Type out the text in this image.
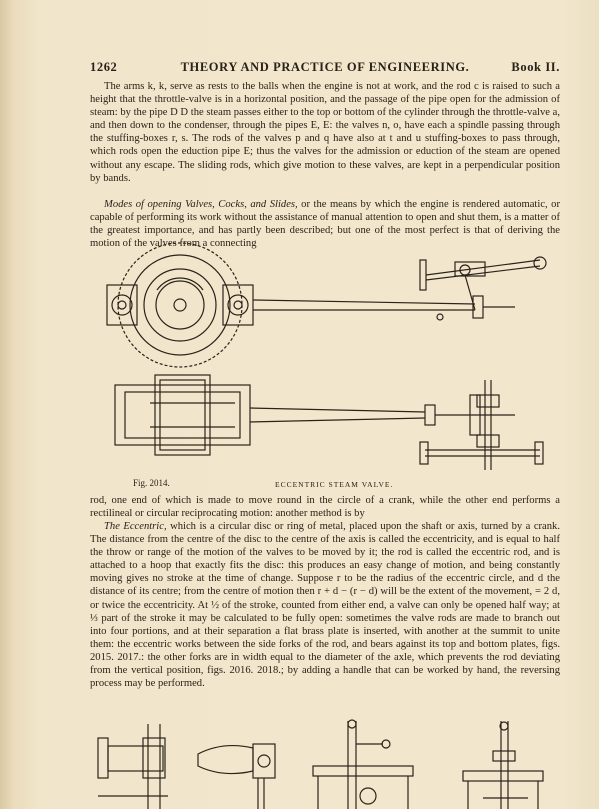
1262	THEORY AND PRACTICE OF ENGINEERING.	Book II.

The arms k, k, serve as rests to the balls when the engine is not at work, and the rod c is raised to such a height that the throttle-valve is in a horizontal position, and the passage of the pipe open for the admission of steam: by the pipe D D the steam passes either to the top or bottom of the cylinder through the throttle-valve a, and then down to the condenser, through the pipes E, E: the valves n, o, have each a spindle passing through the stuffing-boxes r, s. The rods of the valves p and q have also at t and u stuffing-boxes to pass through, which rods open the eduction pipe E; thus the valves for the admission or eduction of the steam are opened without any escape. The sliding rods, which give motion to these valves, are kept in a perpendicular position by bands.

Modes of opening Valves, Cocks, and Slides, or the means by which the engine is rendered automatic, or capable of performing its work without the assistance of manual attention to open and shut them, is a matter of the greatest importance, and has partly been described; but one of the most perfect is that of deriving the motion of the valves from a connecting

Fig. 2014.	ECCENTRIC STEAM VALVE.

rod, one end of which is made to move round in the circle of a crank, while the other end performs a rectilineal or circular reciprocating motion: another method is by

The Eccentric, which is a circular disc or ring of metal, placed upon the shaft or axis, turned by a crank. The distance from the centre of the disc to the centre of the axis is called the eccentricity, and is equal to half the throw or range of the motion of the valves to be moved by it; the rod is called the eccentric rod, and is attached to a hoop that exactly fits the disc: this produces an easy change of motion, and being constantly moving gives no stroke at the time of change. Suppose r to be the radius of the eccentric circle, and d the distance of its centre; from the centre of motion then r + d − (r − d) will be the extent of the movement, = 2 d, or twice the eccentricity. At ½ of the stroke, counted from either end, a valve can only be opened half way; at ⅓ part of the stroke it may be calculated to be fully open: sometimes the valve rods are made to branch out into four portions, and at their separation a flat brass plate is inserted, with another at the summit to unite them: the eccentric works between the side forks of the rod, and bears against its top and bottom plates, figs. 2015. 2017.: the other forks are in width equal to the diameter of the axle, which prevents the rod deviating from the vertical position, figs. 2016. 2018.; by adding a handle that can be worked by hand, the reversing process may be performed.
